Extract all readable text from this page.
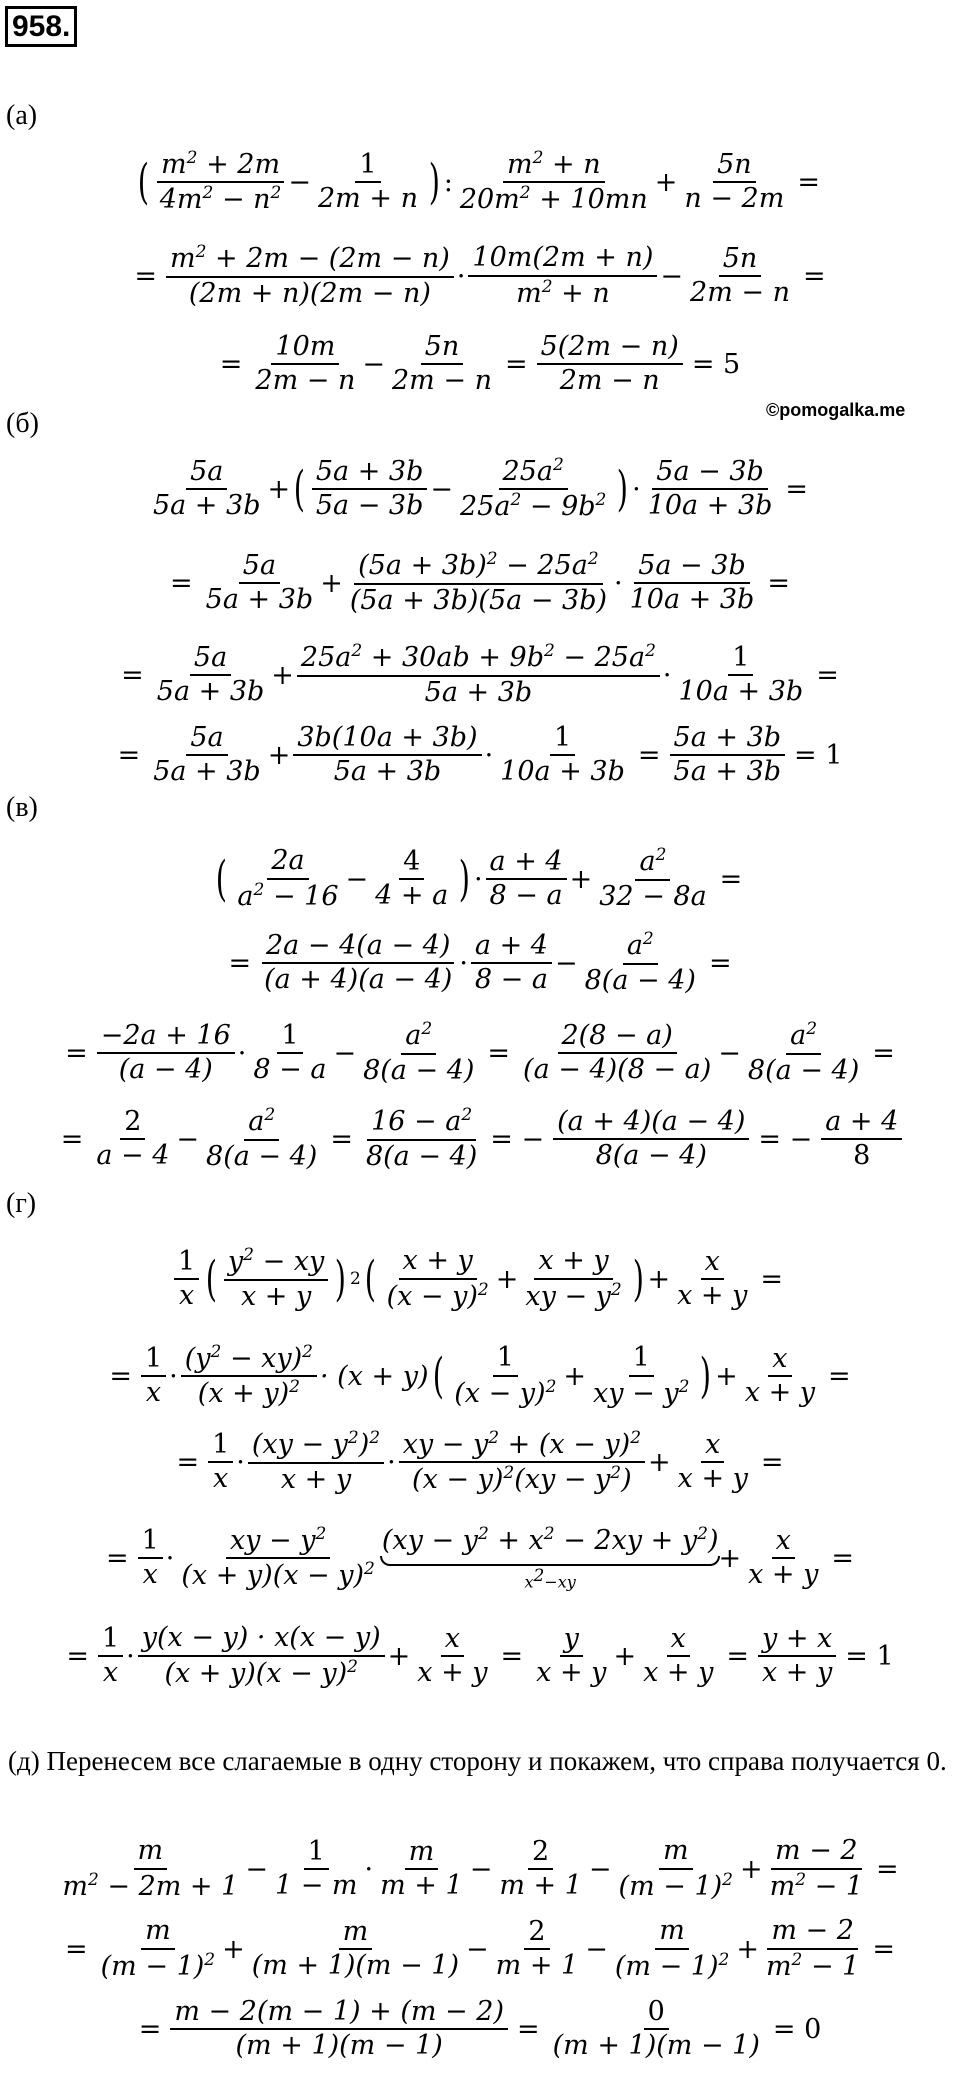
958.
(а)
( $m^2 + 2m$
$4m^2 - n^2 - \frac{1}{2m + n}$ ) :
$m^2 + n$
$20m^2 + 10mn$
+ $\frac{5n}{n - 2m}$ =
= $\frac{m^2 + 2m - (2m - n)}{(2m + n)(2m - n)}$ ·
10m(2m + n)
$m^2 + n$
− $\frac{5n}{2m - n}$ =
= $\frac{10m}{2m - n} - \frac{5n}{2m - n} = \frac{5(2m - n)}{2m - n} = 5$
(б)	©pomogalka.me
5a
5a + 3b
+ ( 5a + 3b
5a − 3b
− $\frac{25a^2}{25a^2 - 9b^2}$ ) · $\frac{5a - 3b}{10a + 3b}$ =
= $\frac{5a}{5a + 3b} + \frac{(5a + 3b)^2 - 25a^2}{(5a + 3b)(5a - 3b)} \cdot \frac{5a - 3b}{10a + 3b}$ =
= $\frac{5a}{5a + 3b} + \frac{25a^2 + 30ab + 9b^2 - 25a^2}{5a + 3b} \cdot \frac{1}{10a + 3b}$ =
= $\frac{5a}{5a + 3b} + \frac{3b(10a + 3b)}{5a + 3b} \cdot \frac{1}{10a + 3b} = \frac{5a + 3b}{5a + 3b} = 1$
(в)
( 2a
$a^2 - 16$
− $\frac{4}{4 + a}$ ) ·
a + 4
8 − a
+ $\frac{a^2}{32 - 8a}$ =
= $\frac{2a - 4(a - 4)}{(a + 4)(a - 4)}$ ·
a + 4
8 − a
− $\frac{a^2}{8(a - 4)}$ =
= $\frac{-2a + 16}{(a - 4)}$ ·
1
8 − a
− $\frac{a^2}{8(a - 4)} = \frac{2(8 - a)}{(a - 4)(8 - a)} - \frac{a^2}{8(a - 4)}$ =
= $\frac{2}{a - 4} - \frac{a^2}{8(a - 4)} = \frac{16 - a^2}{8(a - 4)}$ = − $\frac{(a + 4)(a - 4)}{8(a - 4)}$ = − $\frac{a + 4}{8}$
(г)
1
x ( $y^2$ − xy
x + y ) 2 ( x + y
$(x - y)^2 + \frac{x + y}{xy - y^2}$ ) + $\frac{x}{x + y}$ =
= $\frac{1}{x}$ ·
$(y^2 - xy)^2$
$(x + y)^2 \cdot (x + y)$ ( 1
$(x - y)^2 + \frac{1}{xy - y^2}$ ) + $\frac{x}{x + y}$ =
= $\frac{1}{x}$ ·
$(xy - y^2)^2$
x + y
·
xy − $y^2 + (x - y)^2$
$(x - y)^2(xy - y^2)$
+ $\frac{x}{x + y}$ =
= $\frac{1}{x}$ ·
xy − $y^2$
$(x + y)(x - y)^2$
$(xy - y^2 + x^2 - 2xy + y^2)$
x2−xy
+ $\frac{x}{x + y}$ =
= $\frac{1}{x}$ ·
y(x − y) · x(x − y)
$(x + y)(x - y)^2 + \frac{x}{x + y} = \frac{y}{x + y} + \frac{x}{x + y} = \frac{y + x}{x + y} = 1$
(д) Перенесем все слагаемые в одну сторону и покажем, что справа получается 0.
m
$m^2 - 2m + 1$
− $\frac{1}{1 - m}$ ·
m
m + 1
− $\frac{2}{m + 1} - \frac{m}{(m - 1)^2} + \frac{m - 2}{m^2 - 1}$ =
= $\frac{m}{(m - 1)^2} + \frac{m}{(m + 1)(m - 1)} - \frac{2}{m + 1} - \frac{m}{(m - 1)^2} + \frac{m - 2}{m^2 - 1}$ =
= $\frac{m - 2(m - 1) + (m - 2)}{(m + 1)(m - 1)} = \frac{0}{(m + 1)(m - 1)} = 0$
